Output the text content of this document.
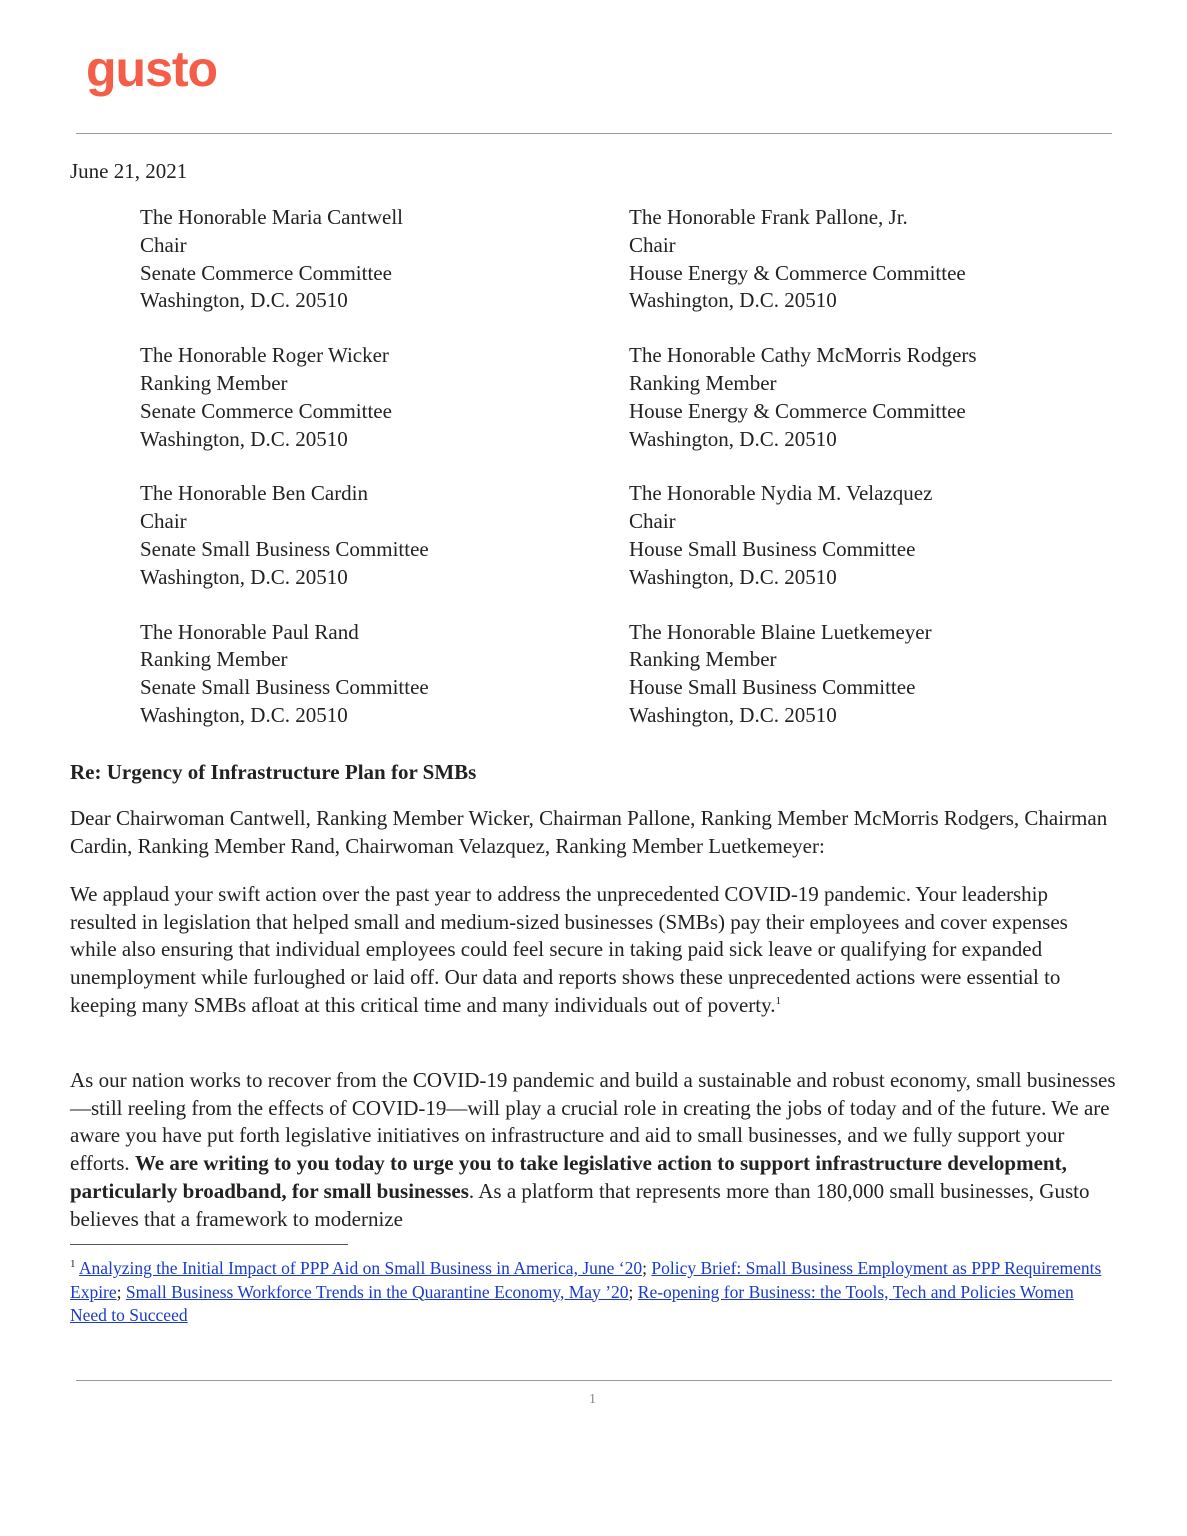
gusto
June 21, 2021
The Honorable Maria Cantwell
Chair
Senate Commerce Committee
Washington, D.C. 20510
The Honorable Frank Pallone, Jr.
Chair
House Energy & Commerce Committee
Washington, D.C. 20510
The Honorable Roger Wicker
Ranking Member
Senate Commerce Committee
Washington, D.C. 20510
The Honorable Cathy McMorris Rodgers
Ranking Member
House Energy & Commerce Committee
Washington, D.C. 20510
The Honorable Ben Cardin
Chair
Senate Small Business Committee
Washington, D.C. 20510
The Honorable Nydia M. Velazquez
Chair
House Small Business Committee
Washington, D.C. 20510
The Honorable Paul Rand
Ranking Member
Senate Small Business Committee
Washington, D.C. 20510
The Honorable Blaine Luetkemeyer
Ranking Member
House Small Business Committee
Washington, D.C. 20510
Re: Urgency of Infrastructure Plan for SMBs
Dear Chairwoman Cantwell, Ranking Member Wicker, Chairman Pallone, Ranking Member McMorris Rodgers, Chairman Cardin, Ranking Member Rand, Chairwoman Velazquez, Ranking Member Luetkemeyer:
We applaud your swift action over the past year to address the unprecedented COVID-19 pandemic. Your leadership resulted in legislation that helped small and medium-sized businesses (SMBs) pay their employees and cover expenses while also ensuring that individual employees could feel secure in taking paid sick leave or qualifying for expanded unemployment while furloughed or laid off. Our data and reports shows these unprecedented actions were essential to keeping many SMBs afloat at this critical time and many individuals out of poverty.$^1$
As our nation works to recover from the COVID-19 pandemic and build a sustainable and robust economy, small businesses—still reeling from the effects of COVID-19—will play a crucial role in creating the jobs of today and of the future. We are aware you have put forth legislative initiatives on infrastructure and aid to small businesses, and we fully support your efforts. We are writing to you today to urge you to take legislative action to support infrastructure development, particularly broadband, for small businesses. As a platform that represents more than 180,000 small businesses, Gusto believes that a framework to modernize
$^1$ Analyzing the Initial Impact of PPP Aid on Small Business in America, June ‘20; Policy Brief: Small Business Employment as PPP Requirements Expire; Small Business Workforce Trends in the Quarantine Economy, May ’20; Re-opening for Business: the Tools, Tech and Policies Women Need to Succeed
1
